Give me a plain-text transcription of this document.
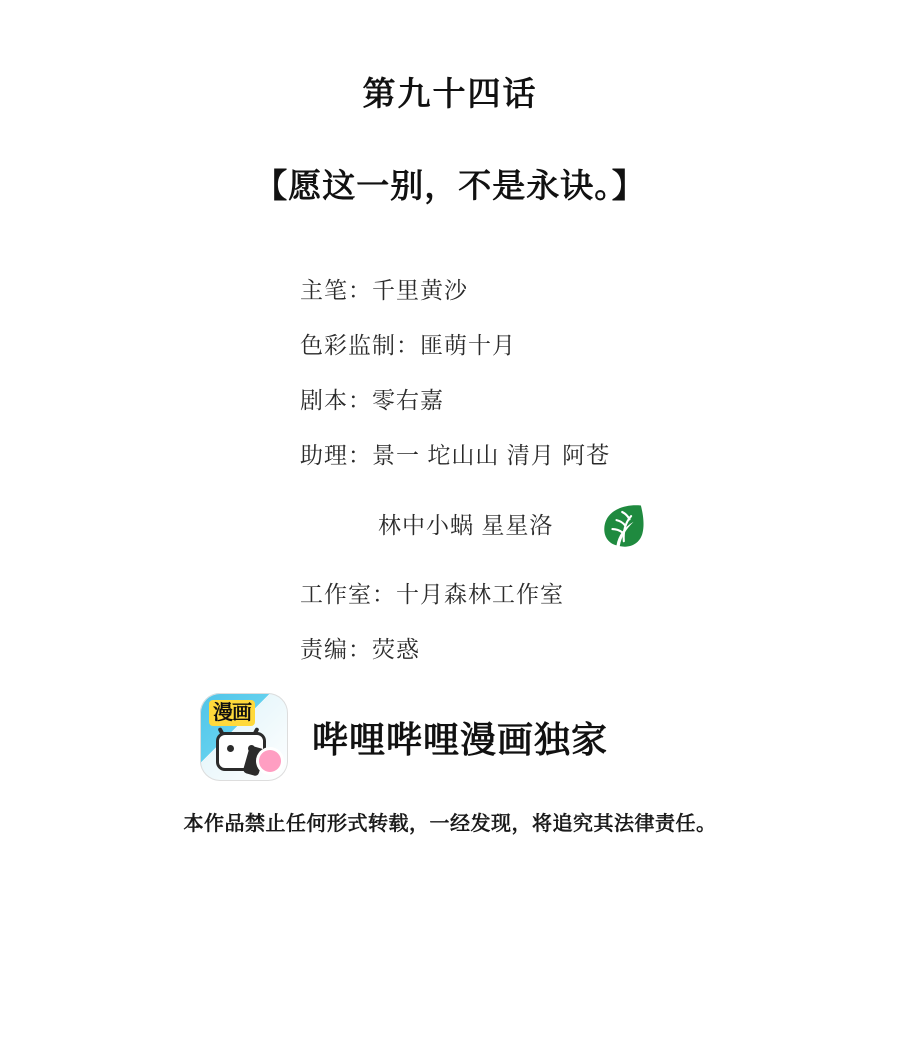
第九十四话
【愿这一别，不是永诀。】
主笔： 千里黄沙
色彩监制： 匪萌十月
剧本： 零右嘉
助理： 景一 坨山山 清月 阿苍
林中小蜗 星星洛
工作室： 十月森林工作室
责编： 荧惑
漫画
哔哩哔哩漫画独家
本作品禁止任何形式转载，一经发现，将追究其法律责任。
